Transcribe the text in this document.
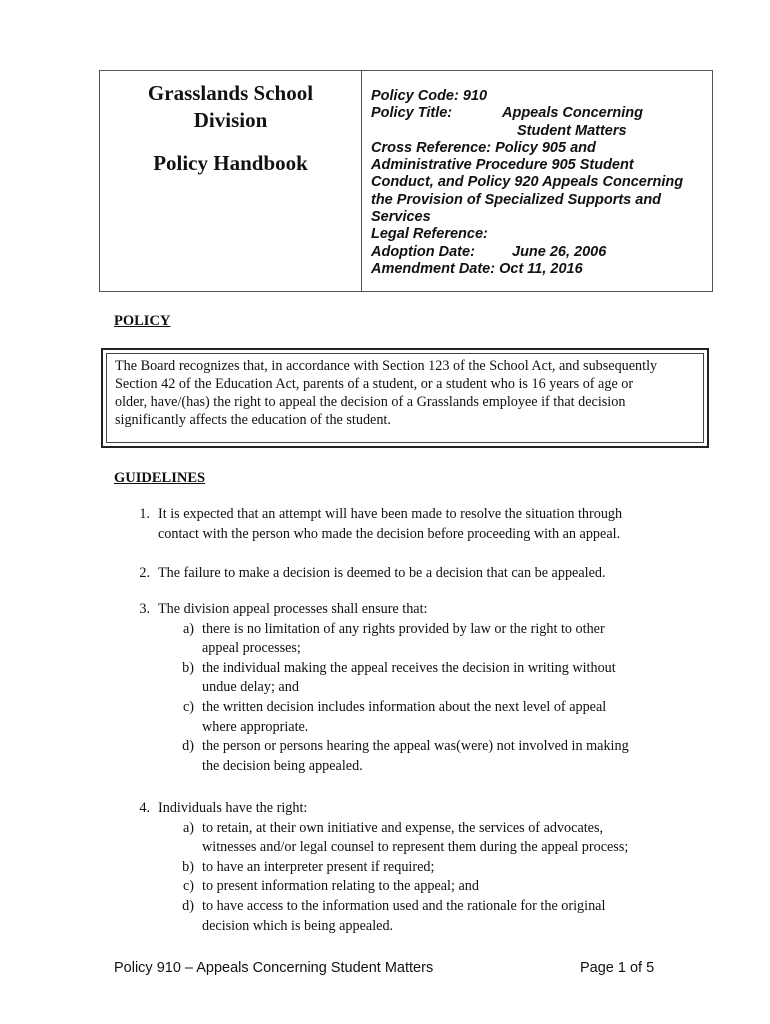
Grasslands School
Division
Policy Handbook
Policy Code: 910
Policy Title:	Appeals Concerning
Student Matters
Cross Reference: Policy 905 and
Administrative Procedure 905 Student
Conduct, and Policy 920 Appeals Concerning
the Provision of Specialized Supports and
Services
Legal Reference:
Adoption Date:	June 26, 2006
Amendment Date: Oct 11, 2016
POLICY
The Board recognizes that, in accordance with Section 123 of the School Act, and subsequently
Section 42 of the Education Act, parents of a student, or a student who is 16 years of age or
older, have/(has) the right to appeal the decision of a Grasslands employee if that decision
significantly affects the education of the student.
GUIDELINES
1. It is expected that an attempt will have been made to resolve the situation through
contact with the person who made the decision before proceeding with an appeal.
2. The failure to make a decision is deemed to be a decision that can be appealed.
3. The division appeal processes shall ensure that:
a) there is no limitation of any rights provided by law or the right to other
appeal processes;
b) the individual making the appeal receives the decision in writing without
undue delay; and
c) the written decision includes information about the next level of appeal
where appropriate.
d) the person or persons hearing the appeal was(were) not involved in making
the decision being appealed.
4. Individuals have the right:
a) to retain, at their own initiative and expense, the services of advocates,
witnesses and/or legal counsel to represent them during the appeal process;
b) to have an interpreter present if required;
c) to present information relating to the appeal; and
d) to have access to the information used and the rationale for the original
decision which is being appealed.
Policy 910 – Appeals Concerning Student Matters	Page 1 of 5
